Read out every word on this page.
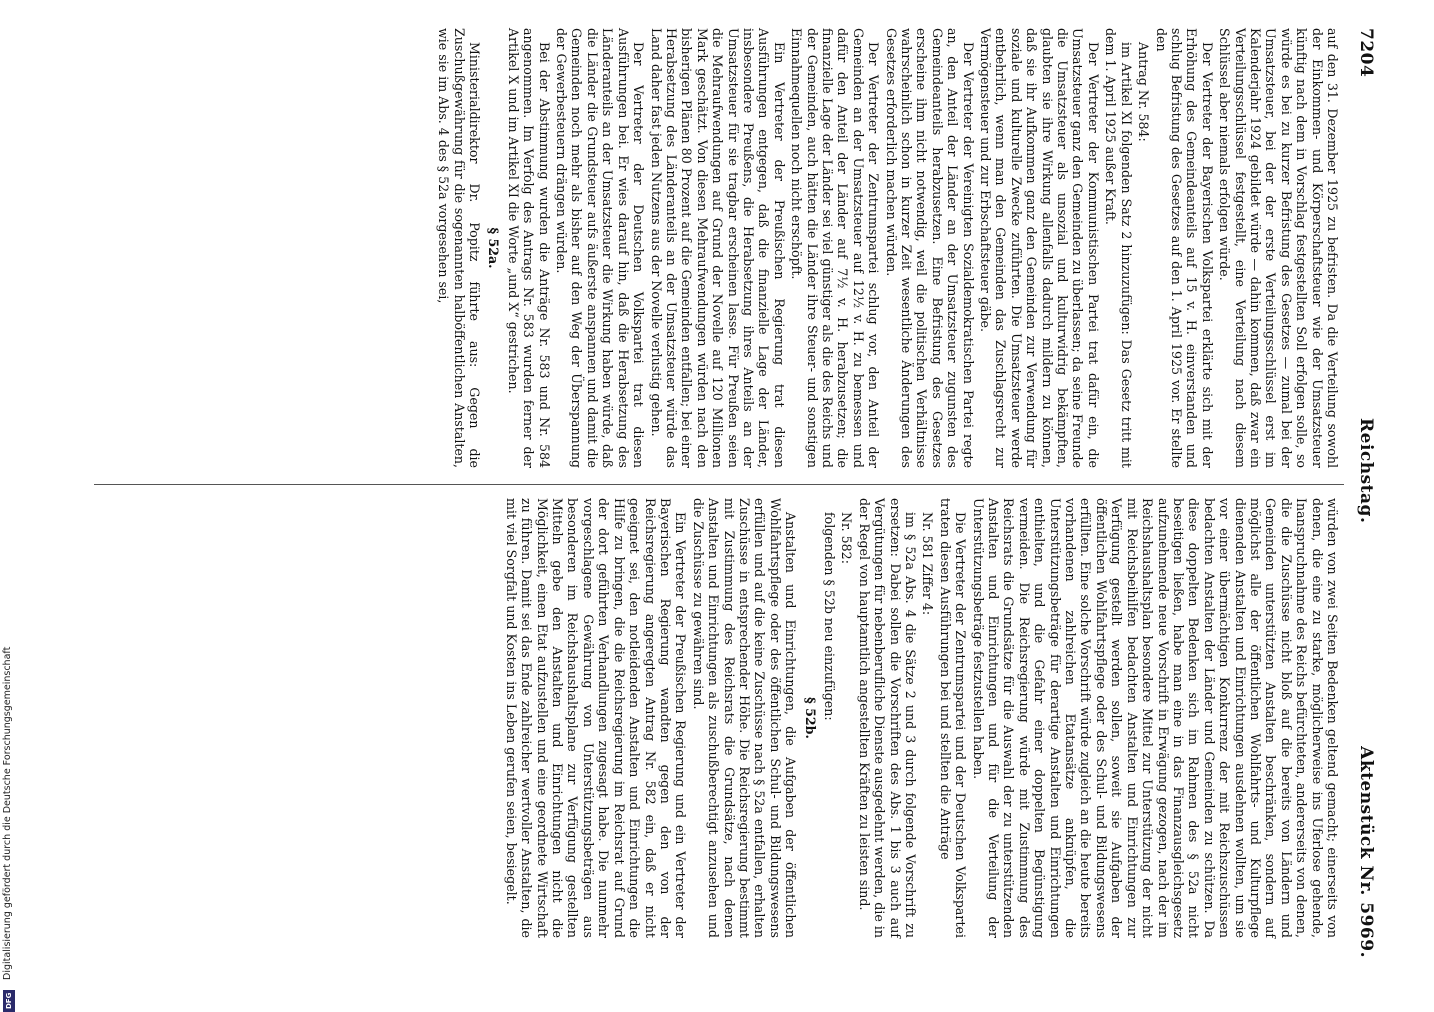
7204
Reichstag.
Aktenstück Nr. 5969.

auf den 31. Dezember 1925 zu befristen. Da die Verteilung sowohl der Einkommen- und Körperschaftsteuer wie der Umsatzsteuer künftig nach dem in Vorschlag festgestellten Soll erfolgen solle, so würde es bei zu kurzer Befristung des Gesetzes — zumal bei der Umsatzsteuer, bei der der erste Verteilungsschlüssel erst im Kalenderjahr 1924 gebildet würde — dahin kommen, daß zwar ein Verteilungsschlüssel festgestellt, eine Verteilung nach diesem Schlüssel aber niemals erfolgen würde.

Der Vertreter der Bayerischen Volkspartei erklärte sich mit der Erhöhung des Gemeindeanteils auf 15 v. H. einverstanden und schlug Befristung des Gesetzes auf den 1. April 1925 vor. Er stellte den

Antrag Nr. 584:

im Artikel XI folgenden Satz 2 hinzuzufügen: Das Gesetz tritt mit dem 1. April 1925 außer Kraft.

Der Vertreter der Kommunistischen Partei trat dafür ein, die Umsatzsteuer ganz den Gemeinden zu überlassen; da seine Freunde die Umsatzsteuer als unsozial und kulturwidrig bekämpften, glaubten sie ihre Wirkung allenfalls dadurch mildern zu können, daß sie ihr Aufkommen ganz den Gemeinden zur Verwendung für soziale und kulturelle Zwecke zuführten. Die Umsatzsteuer werde entbehrlich, wenn man den Gemeinden das Zuschlagsrecht zur Vermögensteuer und zur Erbschaftsteuer gäbe.

Der Vertreter der Vereinigten Sozialdemokratischen Partei regte an, den Anteil der Länder an der Umsatzsteuer zugunsten des Gemeindeanteils herabzusetzen. Eine Befristung des Gesetzes erscheine ihm nicht notwendig, weil die politischen Verhältnisse wahrscheinlich schon in kurzer Zeit wesentliche Änderungen des Gesetzes erforderlich machen würden.

Der Vertreter der Zentrumspartei schlug vor, den Anteil der Gemeinden an der Umsatzsteuer auf 12½ v. H. zu bemessen und dafür den Anteil der Länder auf 7½ v. H. herabzusetzen; die finanzielle Lage der Länder sei viel günstiger als die des Reichs und der Gemeinden, auch hätten die Länder ihre Steuer- und sonstigen Einnahmequellen noch nicht erschöpft.

Ein Vertreter der Preußischen Regierung trat diesen Ausführungen entgegen, daß die finanzielle Lage der Länder, insbesondere Preußens, die Herabsetzung ihres Anteils an der Umsatzsteuer für sie tragbar erscheinen lasse. Für Preußen seien die Mehraufwendungen auf Grund der Novelle auf 120 Millionen Mark geschätzt. Von diesen Mehraufwendungen würden nach den bisherigen Plänen 80 Prozent auf die Gemeinden entfallen; bei einer Herabsetzung des Länderanteils an der Umsatzsteuer würde das Land daher fast jeden Nutzens aus der Novelle verlustig gehen.

Der Vertreter der Deutschen Volkspartei trat diesen Ausführungen bei. Er wies darauf hin, daß die Herabsetzung des Länderanteils an der Umsatzsteuer die Wirkung haben würde, daß die Länder die Grundsteuer aufs äußerste anspannen und damit die Gemeinden noch mehr als bisher auf den Weg der Überspannung der Gewerbesteuern drängen würden.

Bei der Abstimmung wurden die Anträge Nr. 583 und Nr. 584 angenommen. Im Verfolg des Antrags Nr. 583 wurden ferner der Artikel X und im Artikel XI die Worte „und X“ gestrichen.

§ 52a.

Ministerialdirektor Dr. Popitz führte aus: Gegen die Zuschußgewährung für die sogenannten halböffentlichen Anstalten, wie sie im Abs. 4 des § 52a vorgesehen sei,

würden von zwei Seiten Bedenken geltend gemacht; einerseits von denen, die eine zu starke, möglicherweise ins Uferlose gehende, Inanspruchnahme des Reichs befürchteten, andererseits von denen, die die Zuschüsse nicht bloß auf die bereits von Ländern und Gemeinden unterstützten Anstalten beschränken, sondern auf möglichst alle der öffentlichen Wohlfahrts- und Kulturpflege dienenden Anstalten und Einrichtungen ausdehnen wollten, um sie vor einer übermächtigen Konkurrenz der mit Reichszuschüssen bedachten Anstalten der Länder und Gemeinden zu schützen. Da diese doppelten Bedenken sich im Rahmen des § 52a nicht beseitigen ließen, habe man eine in das Finanzausgleichsgesetz aufzunehmende neue Vorschrift in Erwägung gezogen, nach der im Reichshaushaltsplan besondere Mittel zur Unterstützung der nicht mit Reichsbeihilfen bedachten Anstalten und Einrichtungen zur Verfügung gestellt werden sollen, soweit sie Aufgaben der öffentlichen Wohlfahrtspflege oder des Schul- und Bildungswesens erfüllten. Eine solche Vorschrift würde zugleich an die heute bereits vorhandenen zahlreichen Etatansätze anknüpfen, die Unterstützungsbeträge für derartige Anstalten und Einrichtungen enthielten, und die Gefahr einer doppelten Begünstigung vermeiden. Die Reichsregierung würde mit Zustimmung des Reichsrats die Grundsätze für die Auswahl der zu unterstützenden Anstalten und Einrichtungen und für die Verteilung der Unterstützungsbeträge festzustellen haben.

Die Vertreter der Zentrumspartei und der Deutschen Volkspartei traten diesen Ausführungen bei und stellten die Anträge

Nr. 581 Ziffer 4:

im § 52a Abs. 4 die Sätze 2 und 3 durch folgende Vorschrift zu ersetzen: Dabei sollen die Vorschriften des Abs. 1 bis 3 auch auf Vergütungen für nebenberufliche Dienste ausgedehnt werden, die in der Regel von hauptamtlich angestellten Kräften zu leisten sind.

Nr. 582:

folgenden § 52b neu einzufügen:

§ 52b.

Anstalten und Einrichtungen, die Aufgaben der öffentlichen Wohlfahrtspflege oder des öffentlichen Schul- und Bildungswesens erfüllen und auf die keine Zuschüsse nach § 52a entfallen, erhalten Zuschüsse in entsprechender Höhe. Die Reichsregierung bestimmt mit Zustimmung des Reichsrats die Grundsätze, nach denen Anstalten und Einrichtungen als zuschußberechtigt anzusehen und die Zuschüsse zu gewähren sind.

Ein Vertreter der Preußischen Regierung und ein Vertreter der Bayerischen Regierung wandten gegen den von der Reichsregierung angeregten Antrag Nr. 582 ein, daß er nicht geeignet sei, den notleidenden Anstalten und Einrichtungen die Hilfe zu bringen, die die Reichsregierung im Reichsrat auf Grund der dort geführten Verhandlungen zugesagt habe. Die nunmehr vorgeschlagene Gewährung von Unterstützungsbeträgen aus besonderen im Reichshaushaltsplane zur Verfügung gestellten Mitteln gebe den Anstalten und Einrichtungen nicht die Möglichkeit, einen Etat aufzustellen und eine geordnete Wirtschaft zu führen. Damit sei das Ende zahlreicher wertvoller Anstalten, die mit viel Sorgfalt und Kosten ins Leben gerufen seien, besiegelt.

Digitalisierung gefördert durch die Deutsche Forschungsgemeinschaft
DFG
